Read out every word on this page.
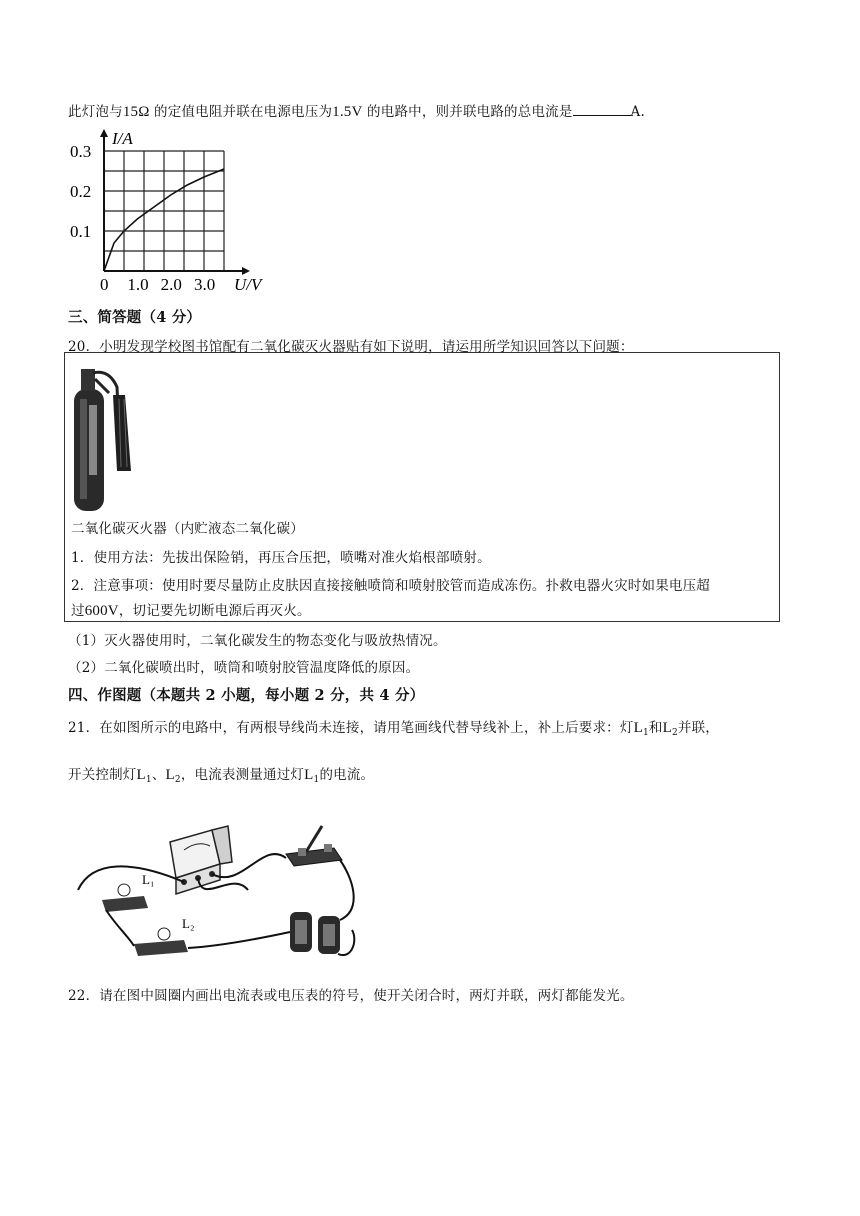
此灯泡与15Ω 的定值电阻并联在电源电压为1.5V 的电路中，则并联电路的总电流是	A.
0 1.0 2.0 3.0
0.1
0.2
0.3
I/A
U/V
三、简答题（4 分）
20．小明发现学校图书馆配有二氧化碳灭火器贴有如下说明，请运用所学知识回答以下问题：
二氧化碳灭火器（内贮液态二氧化碳）
1．使用方法：先拔出保险销，再压合压把，喷嘴对准火焰根部喷射。
2．注意事项：使用时要尽量防止皮肤因直接接触喷筒和喷射胶管而造成冻伤。扑救电器火灾时如果电压超
过600V，切记要先切断电源后再灭火。
（1）灭火器使用时，二氧化碳发生的物态变化与吸放热情况。
（2）二氧化碳喷出时，喷筒和喷射胶管温度降低的原因。
四、作图题（本题共 2 小题，每小题 2 分，共 4 分）
21．在如图所示的电路中，有两根导线尚未连接，请用笔画线代替导线补上，补上后要求：灯$L_1$和$L_2$并联，
开关控制灯$L_1$、$L_2$，电流表测量通过灯$L_1$的电流。
L₁
L₂
22．请在图中圆圈内画出电流表或电压表的符号，使开关闭合时，两灯并联，两灯都能发光。
